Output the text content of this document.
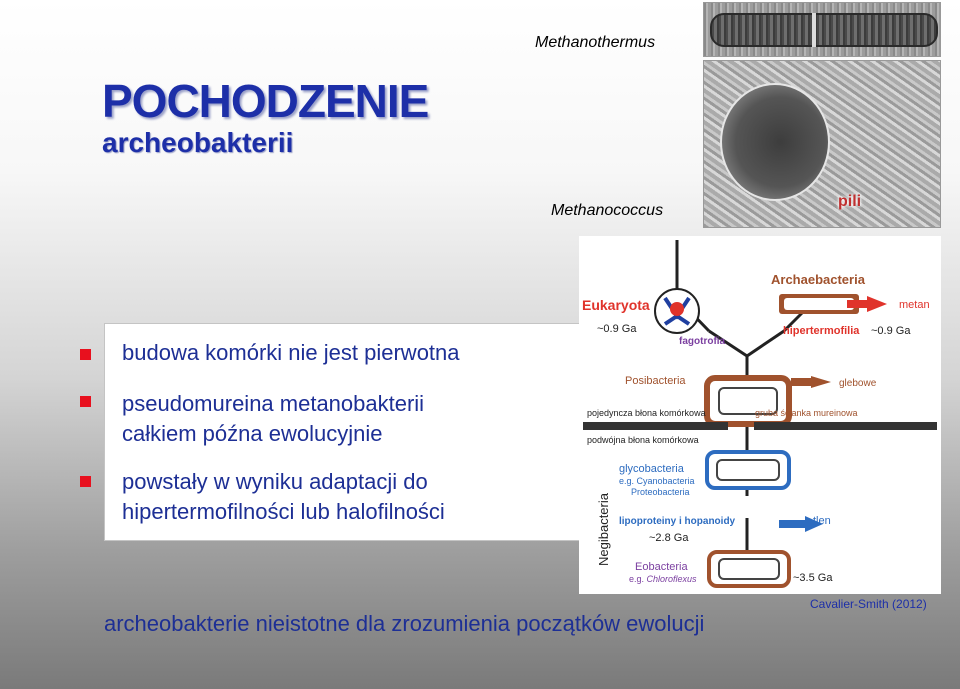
POCHODZENIE
archeobakterii
Methanothermus
Methanococcus
pili
budowa komórki nie jest pierwotna
pseudomureina metanobakterii
całkiem późna ewolucyjnie
powstały w wyniku adaptacji do
hipertermofilności lub halofilności
Eukaryota
~0.9 Ga
fagotrofia
Archaebacteria
metan
hipertermofilia ~0.9 Ga
Posibacteria	glebowe
pojedyncza błona komórkowa	gruba ścianka mureinowa
podwójna błona komórkowa
Negibacteria
glycobacteria
e.g. Cyanobacteria
Proteobacteria
lipoproteiny i hopanoidy	tlen
~2.8 Ga
Eobacteria
e.g. Chloroflexus	~3.5 Ga
Cavalier-Smith (2012)
archeobakterie nieistotne dla zrozumienia początków ewolucji
